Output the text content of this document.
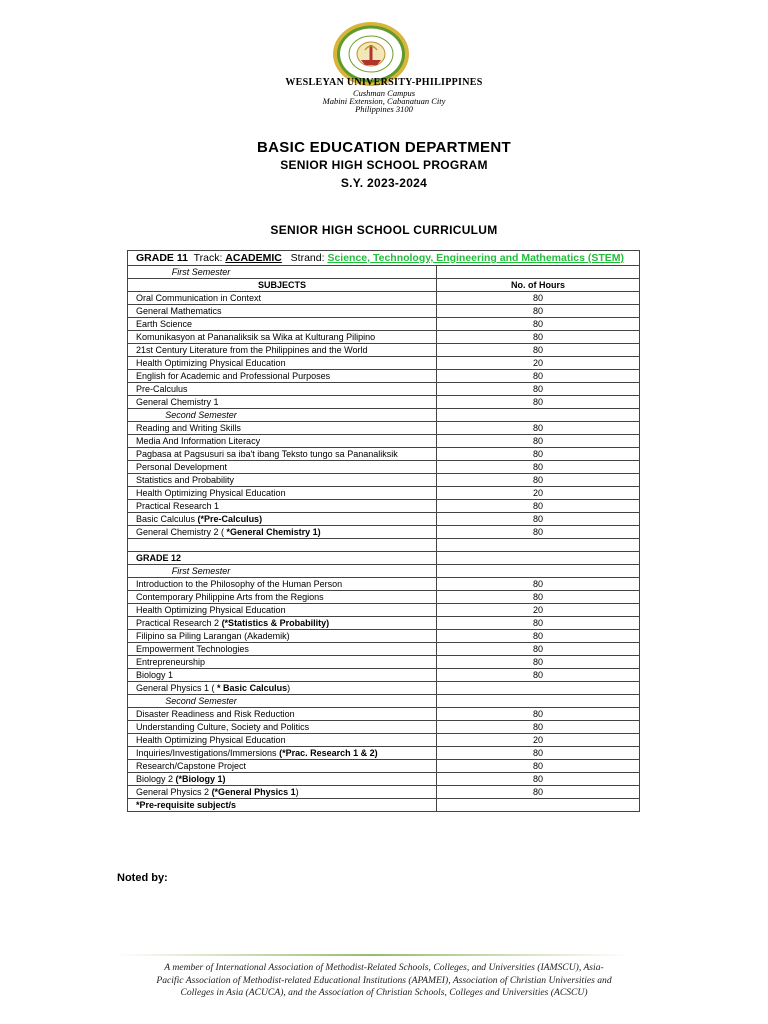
WESLEYAN UNIVERSITY-PHILIPPINES
Cushman Campus
Mabini Extension, Cabanatuan City
Philippines 3100
BASIC EDUCATION DEPARTMENT
SENIOR HIGH SCHOOL PROGRAM
S.Y. 2023-2024
SENIOR HIGH SCHOOL CURRICULUM
GRADE 11 Track: ACADEMIC Strand: Science, Technology, Engineering and Mathematics (STEM)	
First Semester	
SUBJECTS	No. of Hours
Oral Communication in Context	80
General Mathematics	80
Earth Science	80
Komunikasyon at Pananaliksik sa Wika at Kulturang Pilipino	80
21st Century Literature from the Philippines and the World	80
Health Optimizing Physical Education	20
English for Academic and Professional Purposes	80
Pre-Calculus	80
General Chemistry 1	80
Second Semester	
Reading and Writing Skills	80
Media And Information Literacy	80
Pagbasa at Pagsusuri sa iba't ibang Teksto tungo sa Pananaliksik	80
Personal Development	80
Statistics and Probability	80
Health Optimizing Physical Education	20
Practical Research 1	80
Basic Calculus (*Pre-Calculus)	80
General Chemistry 2 ( *General Chemistry 1)	80

GRADE 12	
First Semester	
Introduction to the Philosophy of the Human Person	80
Contemporary Philippine Arts from the Regions	80
Health Optimizing Physical Education	20
Practical Research 2 (*Statistics & Probability)	80
Filipino sa Piling Larangan (Akademik)	80
Empowerment Technologies	80
Entrepreneurship	80
Biology 1	80
General Physics 1 ( * Basic Calculus)	
Second Semester	
Disaster Readiness and Risk Reduction	80
Understanding Culture, Society and Politics	80
Health Optimizing Physical Education	20
Inquiries/Investigations/Immersions (*Prac. Research 1 & 2)	80
Research/Capstone Project	80
Biology 2 (*Biology 1)	80
General Physics 2 (*General Physics 1)	80
*Pre-requisite subject/s	
Noted by:
A member of International Association of Methodist-Related Schools, Colleges, and Universities (IAMSCU), Asia-
Pacific Association of Methodist-related Educational Institutions (APAMEI), Association of Christian Universities and
Colleges in Asia (ACUCA), and the Association of Christian Schools, Colleges and Universities (ACSCU)
